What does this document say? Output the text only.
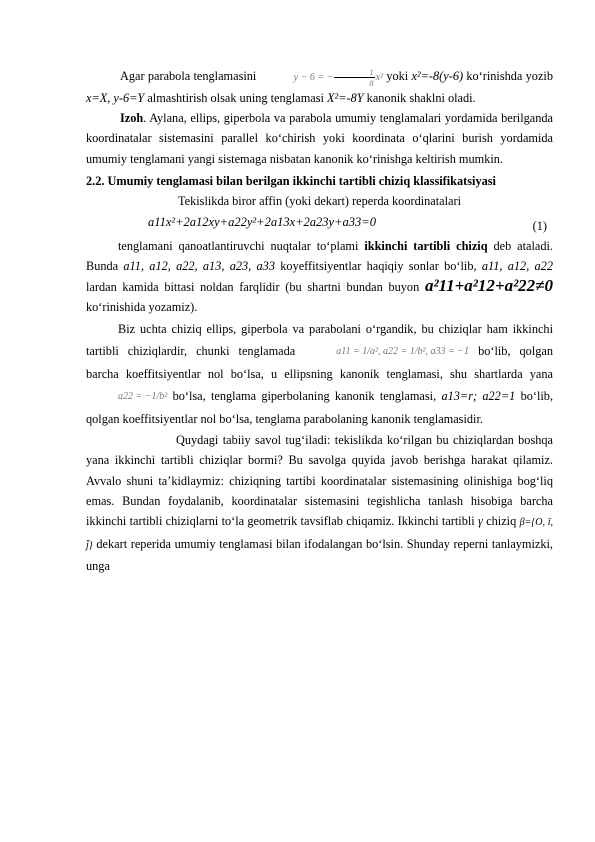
Agar parabola tenglamasini	y − 6 = − $\frac{1}{8} x^2$ yoki x²=-8(y-6) ko‘rinishda yozib x=X, y-6=Y almashtirish olsak uning tenglamasi X²=-8Y kanonik shaklni oladi.

Izoh. Aylana, ellips, giperbola va parabola umumiy tenglamalari yordamida berilganda koordinatalar sistemasini parallel ko‘chirish yoki koordinata o‘qlarini burish yordamida umumiy tenglamani yangi sistemaga nisbatan kanonik ko‘rinishga keltirish mumkin.

2.2. Umumiy tenglamasi bilan berilgan ikkinchi tartibli chiziq klassifikatsiyasi

Tekislikda biror affin (yoki dekart) reperda koordinatalari

a11x²+2a12xy+a22y²+2a13x+2a23y+a33=0	(1)

tenglamani qanoatlantiruvchi nuqtalar to‘plami ikkinchi tartibli chiziq deb ataladi. Bunda a11, a12, a22, a13, a23, a33 koyeffitsiyentlar haqiqiy sonlar bo‘lib, a11, a12, a22 lardan kamida bittasi noldan farqlidir (bu shartni bundan buyon a²11+a²12+a²22≠0 ko‘rinishida yozamiz).

Biz uchta chiziq ellips, giperbola va parabolani o‘rgandik, bu chiziqlar ham ikkinchi tartibli chiziqlardir, chunki tenglamada	a11 = 1/a², a22 = 1/b², a33 = −1 bo‘lib, qolgan barcha koeffitsiyentlar nol bo‘lsa, u ellipsning kanonik tenglamasi, shu shartlarda yana a22 = −1/b² bo‘lsa, tenglama giperbolaning kanonik tenglamasi, a13=r; a22=1 bo‘lib, qolgan koeffitsiyentlar nol bo‘lsa, tenglama parabolaning kanonik tenglamasidir.

Quydagi tabiiy savol tug‘iladi: tekislikda ko‘rilgan bu chiziqlardan boshqa yana ikkinchi tartibli chiziqlar bormi? Bu savolga quyida javob berishga harakat qilamiz. Avvalo shuni ta’kidlaymiz: chiziqning tartibi koordinatalar sistemasining olinishiga bog‘liq emas. Bundan foydalanib, koordinatalar sistemasini tegishlicha tanlash hisobiga barcha ikkinchi tartibli chiziqlarni to‘la geometrik tavsiflab chiqamiz. Ikkinchi tartibli γ chiziq β={O, ī, j̄} dekart reperida umumiy tenglamasi bilan ifodalangan bo‘lsin. Shunday reperni tanlaymizki, unga
